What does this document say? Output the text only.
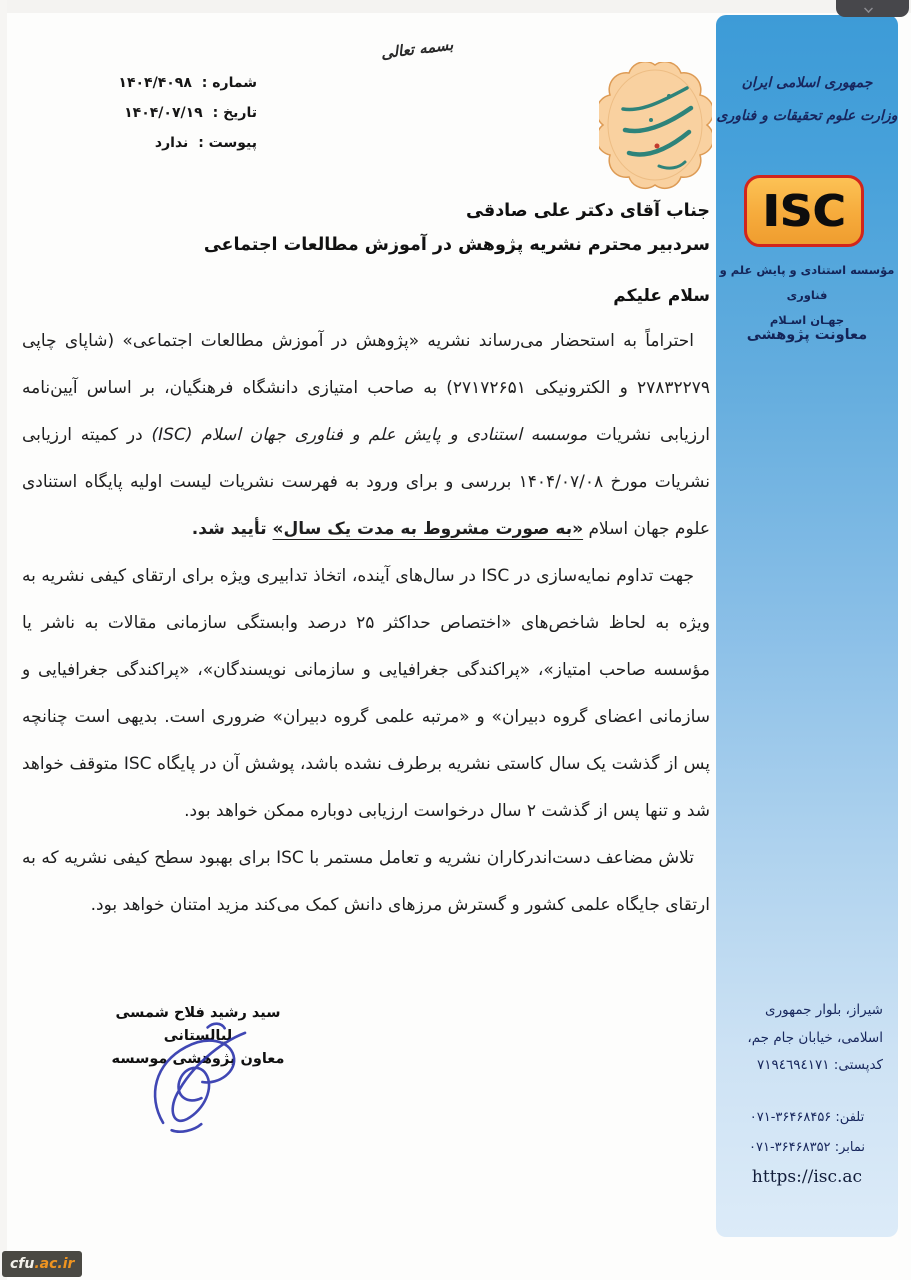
بسمه تعالی
شماره : ۱۴۰۴/۴۰۹۸
تاریخ : ۱۴۰۴/۰۷/۱۹
پیوست : ندارد
جناب آقای دکتر علی صادقی
سردبیر محترم نشریه پژوهش در آموزش مطالعات اجتماعی
سلام علیکم

احتراماً به استحضار می‌رساند نشریه «پژوهش در آموزش مطالعات اجتماعی» (شاپای چاپی ۲۷۸۳۲۲۷۹ و الکترونیکی ۲۷۱۷۲۶۵۱) به صاحب امتیازی دانشگاه فرهنگیان، بر اساس آیین‌نامه ارزیابی نشریات موسسه استنادی و پایش علم و فناوری جهان اسلام (ISC) در کمیته ارزیابی نشریات مورخ ۱۴۰۴/۰۷/۰۸ بررسی و برای ورود به فهرست نشریات لیست اولیه پایگاه استنادی علوم جهان اسلام «به صورت مشروط به مدت یک سال» تأیید شد.

جهت تداوم نمایه‌سازی در ISC در سال‌های آینده، اتخاذ تدابیری ویژه برای ارتقای کیفی نشریه به ویژه به لحاظ شاخص‌های «اختصاص حداکثر ۲۵ درصد وابستگی سازمانی مقالات به ناشر یا مؤسسه صاحب امتیاز»، «پراکندگی جغرافیایی و سازمانی نویسندگان»، «پراکندگی جغرافیایی و سازمانی اعضای گروه دبیران» و «مرتبه علمی گروه دبیران» ضروری است. بدیهی است چنانچه پس از گذشت یک سال کاستی نشریه برطرف نشده باشد، پوشش آن در پایگاه ISC متوقف خواهد شد و تنها پس از گذشت ۲ سال درخواست ارزیابی دوباره ممکن خواهد بود.

تلاش مضاعف دست‌اندرکاران نشریه و تعامل مستمر با ISC برای بهبود سطح کیفی نشریه که به ارتقای جایگاه علمی کشور و گسترش مرزهای دانش کمک می‌کند مزید امتنان خواهد بود.

سید رشید فلاح شمسی لیالستانی
معاون پژوهشی موسسه
cfu.ac.ir
جمهوری اسلامی ایران
وزارت علوم تحقیقات و فناوری
ISC
مؤسسه استنادی و پایش علم و فناوری
جهـان اسـلام
معاونت پژوهشی
شیراز، بلوار جمهوری
اسلامی، خیابان جام جم،
کدپستی: ۷۱۹٤٦٩٤۱۷۱
تلفن: ۰۷۱-۳۶۴۶۸۴۵۶
نمابر: ۰۷۱-۳۶۴۶۸۳۵۲
https://isc.ac
